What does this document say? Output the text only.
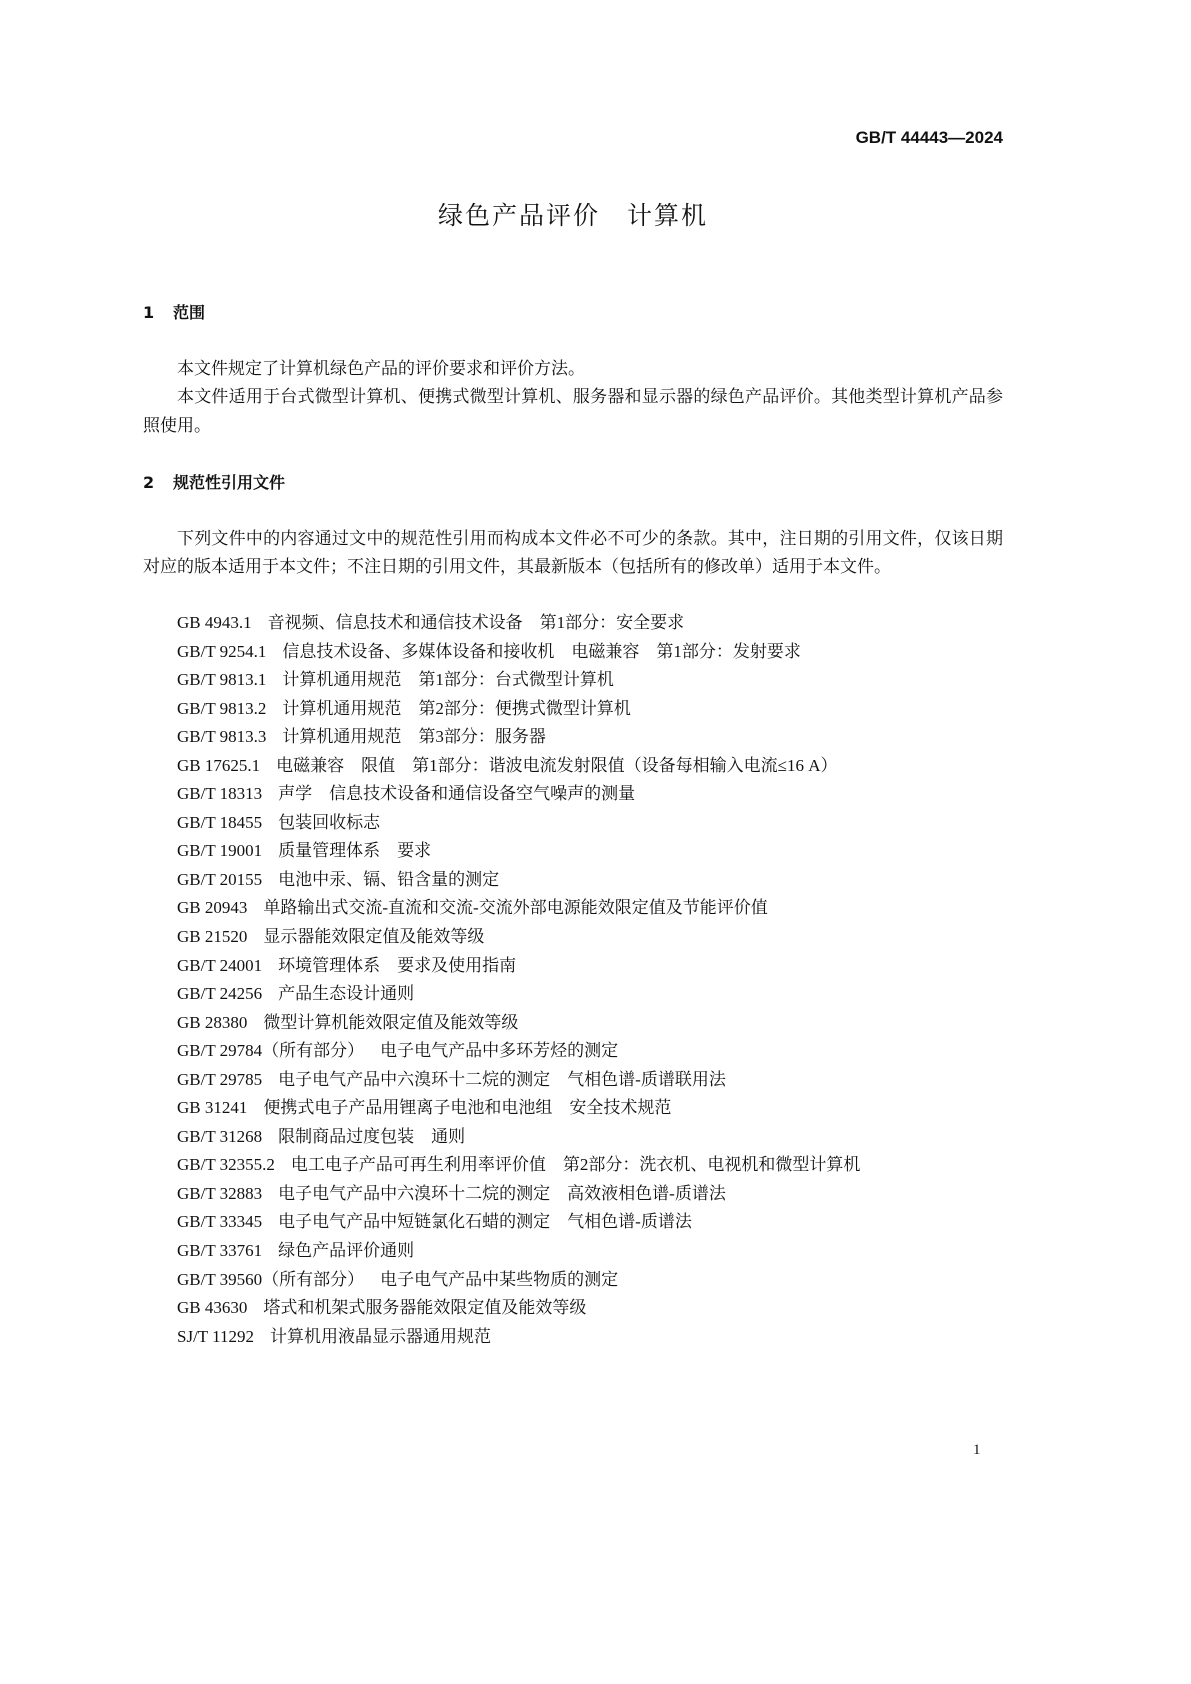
GB/T 44443—2024
绿色产品评价　计算机
1 范围

本文件规定了计算机绿色产品的评价要求和评价方法。

本文件适用于台式微型计算机、便携式微型计算机、服务器和显示器的绿色产品评价。其他类型计算机产品参照使用。

2 规范性引用文件

下列文件中的内容通过文中的规范性引用而构成本文件必不可少的条款。其中，注日期的引用文件，仅该日期对应的版本适用于本文件；不注日期的引用文件，其最新版本（包括所有的修改单）适用于本文件。

GB 4943.1 音视频、信息技术和通信技术设备　第1部分：安全要求
GB/T 9254.1 信息技术设备、多媒体设备和接收机　电磁兼容　第1部分：发射要求
GB/T 9813.1 计算机通用规范　第1部分：台式微型计算机
GB/T 9813.2 计算机通用规范　第2部分：便携式微型计算机
GB/T 9813.3 计算机通用规范　第3部分：服务器
GB 17625.1 电磁兼容　限值　第1部分：谐波电流发射限值（设备每相输入电流≤16 A）
GB/T 18313 声学　信息技术设备和通信设备空气噪声的测量
GB/T 18455 包装回收标志
GB/T 19001 质量管理体系　要求
GB/T 20155 电池中汞、镉、铅含量的测定
GB 20943 单路输出式交流-直流和交流-交流外部电源能效限定值及节能评价值
GB 21520 显示器能效限定值及能效等级
GB/T 24001 环境管理体系　要求及使用指南
GB/T 24256 产品生态设计通则
GB 28380 微型计算机能效限定值及能效等级
GB/T 29784（所有部分） 电子电气产品中多环芳烃的测定
GB/T 29785 电子电气产品中六溴环十二烷的测定　气相色谱-质谱联用法
GB 31241 便携式电子产品用锂离子电池和电池组　安全技术规范
GB/T 31268 限制商品过度包装　通则
GB/T 32355.2 电工电子产品可再生利用率评价值　第2部分：洗衣机、电视机和微型计算机
GB/T 32883 电子电气产品中六溴环十二烷的测定　高效液相色谱-质谱法
GB/T 33345 电子电气产品中短链氯化石蜡的测定　气相色谱-质谱法
GB/T 33761 绿色产品评价通则
GB/T 39560（所有部分） 电子电气产品中某些物质的测定
GB 43630 塔式和机架式服务器能效限定值及能效等级
SJ/T 11292 计算机用液晶显示器通用规范
1
